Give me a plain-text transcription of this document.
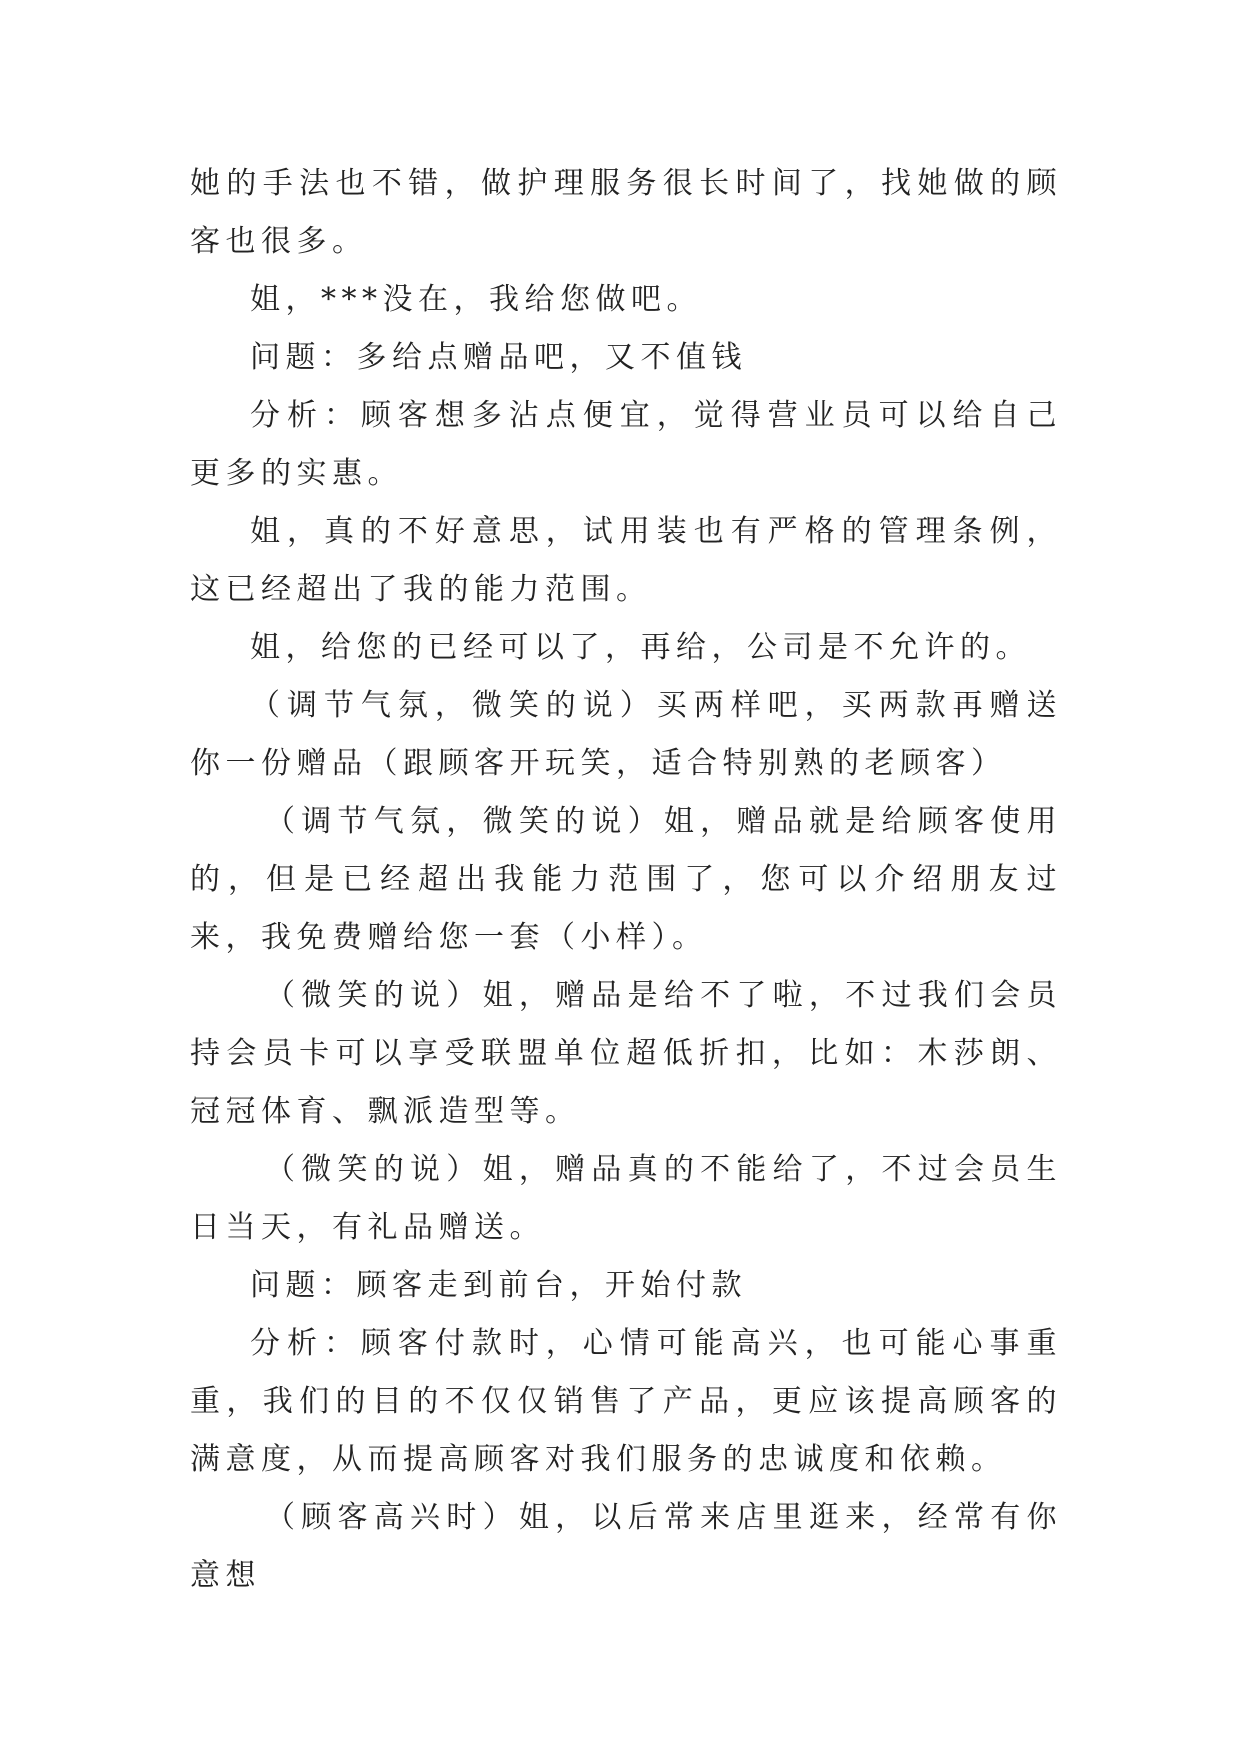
她的手法也不错，做护理服务很长时间了，找她做的顾客也很多。

姐，***没在，我给您做吧。

问题：多给点赠品吧，又不值钱

分析：顾客想多沾点便宜，觉得营业员可以给自己更多的实惠。

姐，真的不好意思，试用装也有严格的管理条例，这已经超出了我的能力范围。

姐，给您的已经可以了，再给，公司是不允许的。

（调节气氛，微笑的说）买两样吧，买两款再赠送你一份赠品（跟顾客开玩笑，适合特别熟的老顾客）

（调节气氛，微笑的说）姐，赠品就是给顾客使用的，但是已经超出我能力范围了，您可以介绍朋友过来，我免费赠给您一套（小样）。

（微笑的说）姐，赠品是给不了啦，不过我们会员持会员卡可以享受联盟单位超低折扣，比如：木莎朗、冠冠体育、飘派造型等。

（微笑的说）姐，赠品真的不能给了，不过会员生日当天，有礼品赠送。

问题：顾客走到前台，开始付款

分析：顾客付款时，心情可能高兴，也可能心事重重，我们的目的不仅仅销售了产品，更应该提高顾客的满意度，从而提高顾客对我们服务的忠诚度和依赖。

（顾客高兴时）姐，以后常来店里逛来，经常有你意想
